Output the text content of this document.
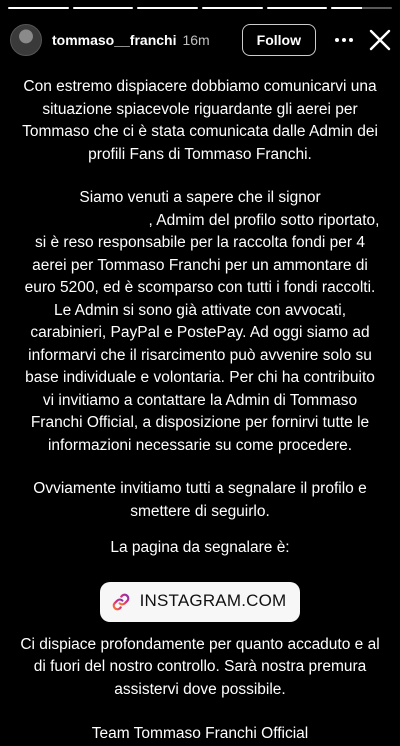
tommaso__franchi 16m	Follow

Con estremo dispiacere dobbiamo comunicarvi una situazione spiacevole riguardante gli aerei per Tommaso che ci è stata comunicata dalle Admin dei profili Fans di Tommaso Franchi.

Siamo venuti a sapere che il signor , Admim del profilo sotto riportato, si è reso responsabile per la raccolta fondi per 4 aerei per Tommaso Franchi per un ammontare di euro 5200, ed è scomparso con tutti i fondi raccolti. Le Admin si sono già attivate con avvocati, carabinieri, PayPal e PostePay. Ad oggi siamo ad informarvi che il risarcimento può avvenire solo su base individuale e volontaria. Per chi ha contribuito vi invitiamo a contattare la Admin di Tommaso Franchi Official, a disposizione per fornirvi tutte le informazioni necessarie su come procedere.

Ovviamente invitiamo tutti a segnalare il profilo e smettere di seguirlo.

La pagina da segnalare è:

INSTAGRAM.COM

Ci dispiace profondamente per quanto accaduto e al di fuori del nostro controllo. Sarà nostra premura assistervi dove possibile.

Team Tommaso Franchi Official
